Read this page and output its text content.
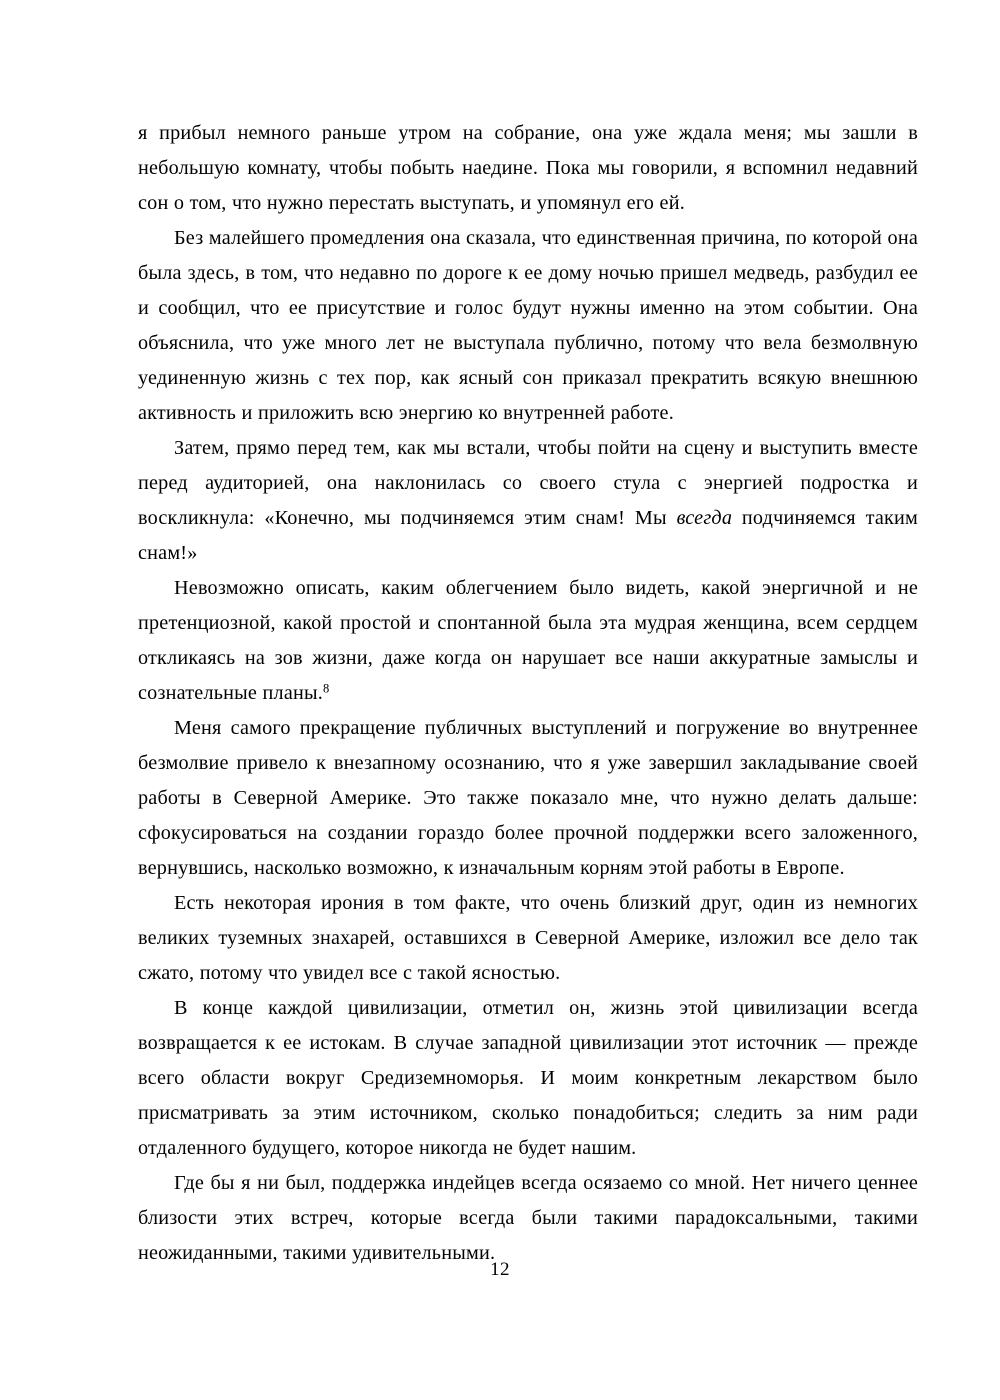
я прибыл немного раньше утром на собрание, она уже ждала меня; мы зашли в небольшую комнату, чтобы побыть наедине. Пока мы говорили, я вспомнил недавний сон о том, что нужно перестать выступать, и упомянул его ей.

Без малейшего промедления она сказала, что единственная причина, по которой она была здесь, в том, что недавно по дороге к ее дому ночью пришел медведь, разбудил ее и сообщил, что ее присутствие и голос будут нужны именно на этом событии. Она объяснила, что уже много лет не выступала публично, потому что вела безмолвную уединенную жизнь с тех пор, как ясный сон приказал прекратить всякую внешнюю активность и приложить всю энергию ко внутренней работе.

Затем, прямо перед тем, как мы встали, чтобы пойти на сцену и выступить вместе перед аудиторией, она наклонилась со своего стула с энергией подростка и воскликнула: «Конечно, мы подчиняемся этим снам! Мы всегда подчиняемся таким снам!»

Невозможно описать, каким облегчением было видеть, какой энергичной и не претенциозной, какой простой и спонтанной была эта мудрая женщина, всем сердцем откликаясь на зов жизни, даже когда он нарушает все наши аккуратные замыслы и сознательные планы.$^8$

Меня самого прекращение публичных выступлений и погружение во внутреннее безмолвие привело к внезапному осознанию, что я уже завершил закладывание своей работы в Северной Америке. Это также показало мне, что нужно делать дальше: сфокусироваться на создании гораздо более прочной поддержки всего заложенного, вернувшись, насколько возможно, к изначальным корням этой работы в Европе.

Есть некоторая ирония в том факте, что очень близкий друг, один из немногих великих туземных знахарей, оставшихся в Северной Америке, изложил все дело так сжато, потому что увидел все с такой ясностью.

В конце каждой цивилизации, отметил он, жизнь этой цивилизации всегда возвращается к ее истокам. В случае западной цивилизации этот источник — прежде всего области вокруг Средиземноморья. И моим конкретным лекарством было присматривать за этим источником, сколько понадобиться; следить за ним ради отдаленного будущего, которое никогда не будет нашим.

Где бы я ни был, поддержка индейцев всегда осязаемо со мной. Нет ничего ценнее близости этих встреч, которые всегда были такими парадоксальными, такими неожиданными, такими удивительными.

12
